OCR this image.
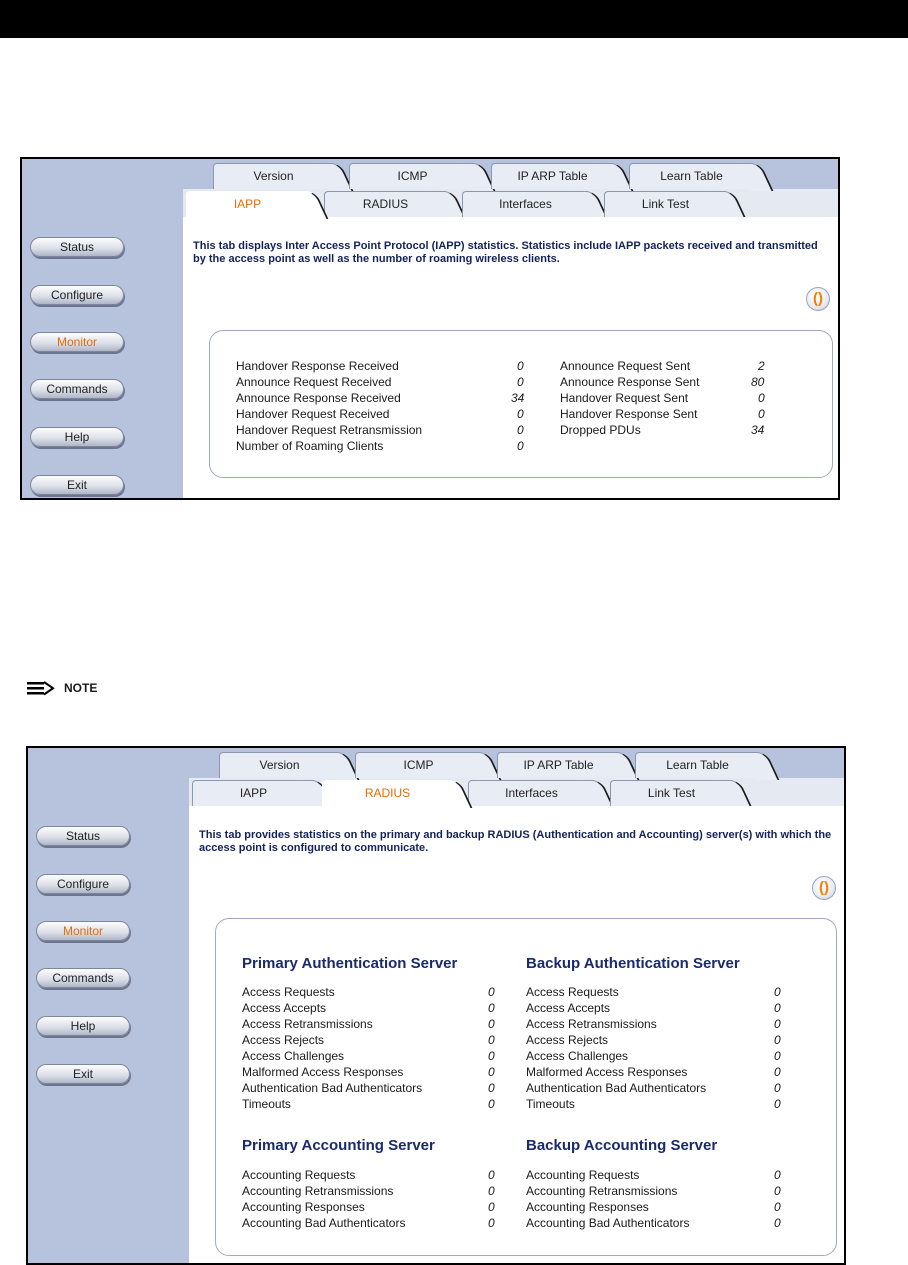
Status
Configure
Monitor
Commands
Help
Exit
Version	ICMP	IP ARP Table	Learn Table
IAPP	RADIUS	Interfaces	Link Test
This tab displays Inter Access Point Protocol (IAPP) statistics. Statistics include IAPP packets received and transmitted by the access point as well as the number of roaming wireless clients.
()
Handover Response Received	0
Announce Request Received	0
Announce Response Received	34
Handover Request Received	0
Handover Request Retransmission	0
Number of Roaming Clients	0
Announce Request Sent	2
Announce Response Sent	80
Handover Request Sent	0
Handover Response Sent	0
Dropped PDUs	34
NOTE
Status
Configure
Monitor
Commands
Help
Exit
Version	ICMP	IP ARP Table	Learn Table
IAPP	RADIUS	Interfaces	Link Test
This tab provides statistics on the primary and backup RADIUS (Authentication and Accounting) server(s) with which the access point is configured to communicate.
()
Primary Authentication Server	Backup Authentication Server
Access Requests	0
Access Accepts	0
Access Retransmissions	0
Access Rejects	0
Access Challenges	0
Malformed Access Responses	0
Authentication Bad Authenticators	0
Timeouts	0
Access Requests	0
Access Accepts	0
Access Retransmissions	0
Access Rejects	0
Access Challenges	0
Malformed Access Responses	0
Authentication Bad Authenticators	0
Timeouts	0
Primary Accounting Server	Backup Accounting Server
Accounting Requests	0
Accounting Retransmissions	0
Accounting Responses	0
Accounting Bad Authenticators	0
Accounting Requests	0
Accounting Retransmissions	0
Accounting Responses	0
Accounting Bad Authenticators	0
